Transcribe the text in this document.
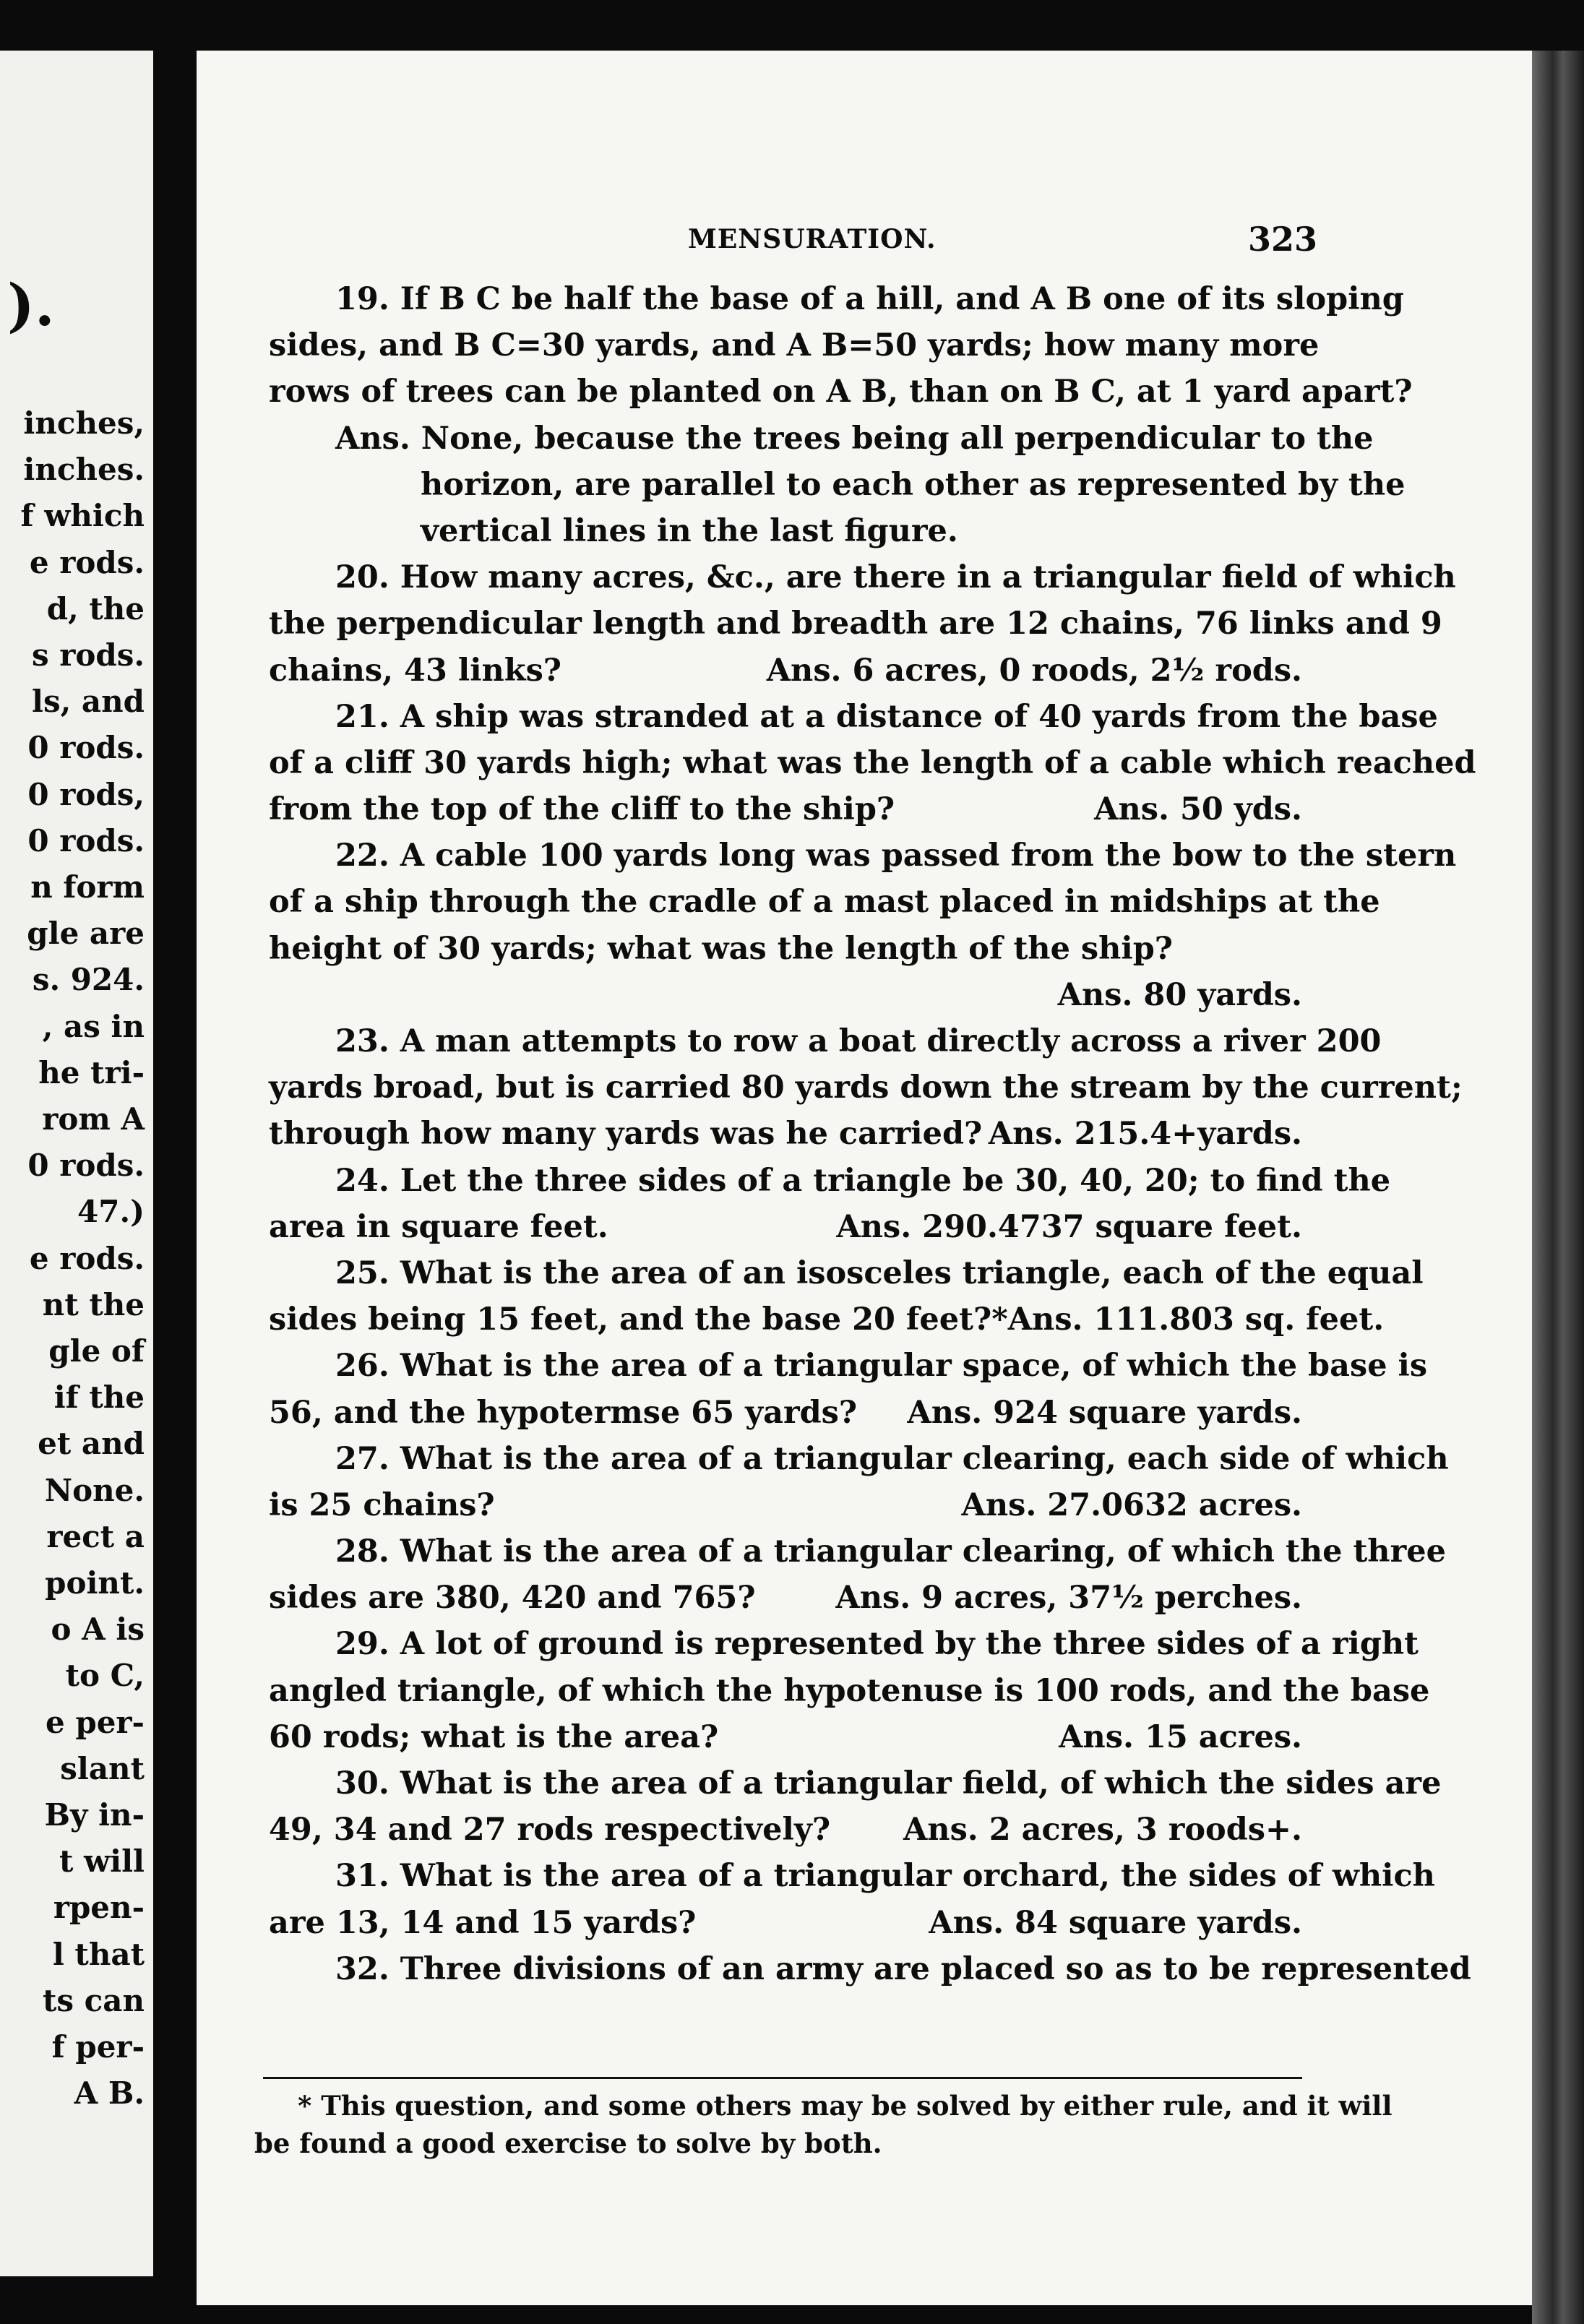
).
inches,
inches.
f which
e rods.
d, the
s rods.
ls, and
0 rods.
0 rods,
0 rods.
n form
gle are
s. 924.
, as in
he tri-
rom A
0 rods.
47.)
e rods.
nt the
gle of
if the
et and
None.
rect a
point.
o A is
to C,
e per-
slant
By in-
t will
rpen-
l that
ts can
f per-
A B.
MENSURATION.	323
19. If B C be half the base of a hill, and A B one of its sloping
sides, and B C=30 yards, and A B=50 yards; how many more
rows of trees can be planted on A B, than on B C, at 1 yard apart?
Ans. None, because the trees being all perpendicular to the
horizon, are parallel to each other as represented by the
vertical lines in the last figure.
20. How many acres, &c., are there in a triangular field of which
the perpendicular length and breadth are 12 chains, 76 links and 9
chains, 43 links?	Ans. 6 acres, 0 roods, 2½ rods.
21. A ship was stranded at a distance of 40 yards from the base
of a cliff 30 yards high; what was the length of a cable which reached
from the top of the cliff to the ship?	Ans. 50 yds.
22. A cable 100 yards long was passed from the bow to the stern
of a ship through the cradle of a mast placed in midships at the
height of 30 yards; what was the length of the ship?
Ans. 80 yards.
23. A man attempts to row a boat directly across a river 200
yards broad, but is carried 80 yards down the stream by the current;
through how many yards was he carried? Ans. 215.4+yards.
24. Let the three sides of a triangle be 30, 40, 20; to find the
area in square feet.	Ans. 290.4737 square feet.
25. What is the area of an isosceles triangle, each of the equal
sides being 15 feet, and the base 20 feet?* Ans. 111.803 sq. feet.
26. What is the area of a triangular space, of which the base is
56, and the hypotermse 65 yards? Ans. 924 square yards.
27. What is the area of a triangular clearing, each side of which
is 25 chains?	Ans. 27.0632 acres.
28. What is the area of a triangular clearing, of which the three
sides are 380, 420 and 765?	Ans. 9 acres, 37½ perches.
29. A lot of ground is represented by the three sides of a right
angled triangle, of which the hypotenuse is 100 rods, and the base
60 rods; what is the area?	Ans. 15 acres.
30. What is the area of a triangular field, of which the sides are
49, 34 and 27 rods respectively? Ans. 2 acres, 3 roods+.
31. What is the area of a triangular orchard, the sides of which
are 13, 14 and 15 yards?	Ans. 84 square yards.
32. Three divisions of an army are placed so as to be represented
* This question, and some others may be solved by either rule, and it will
be found a good exercise to solve by both.
